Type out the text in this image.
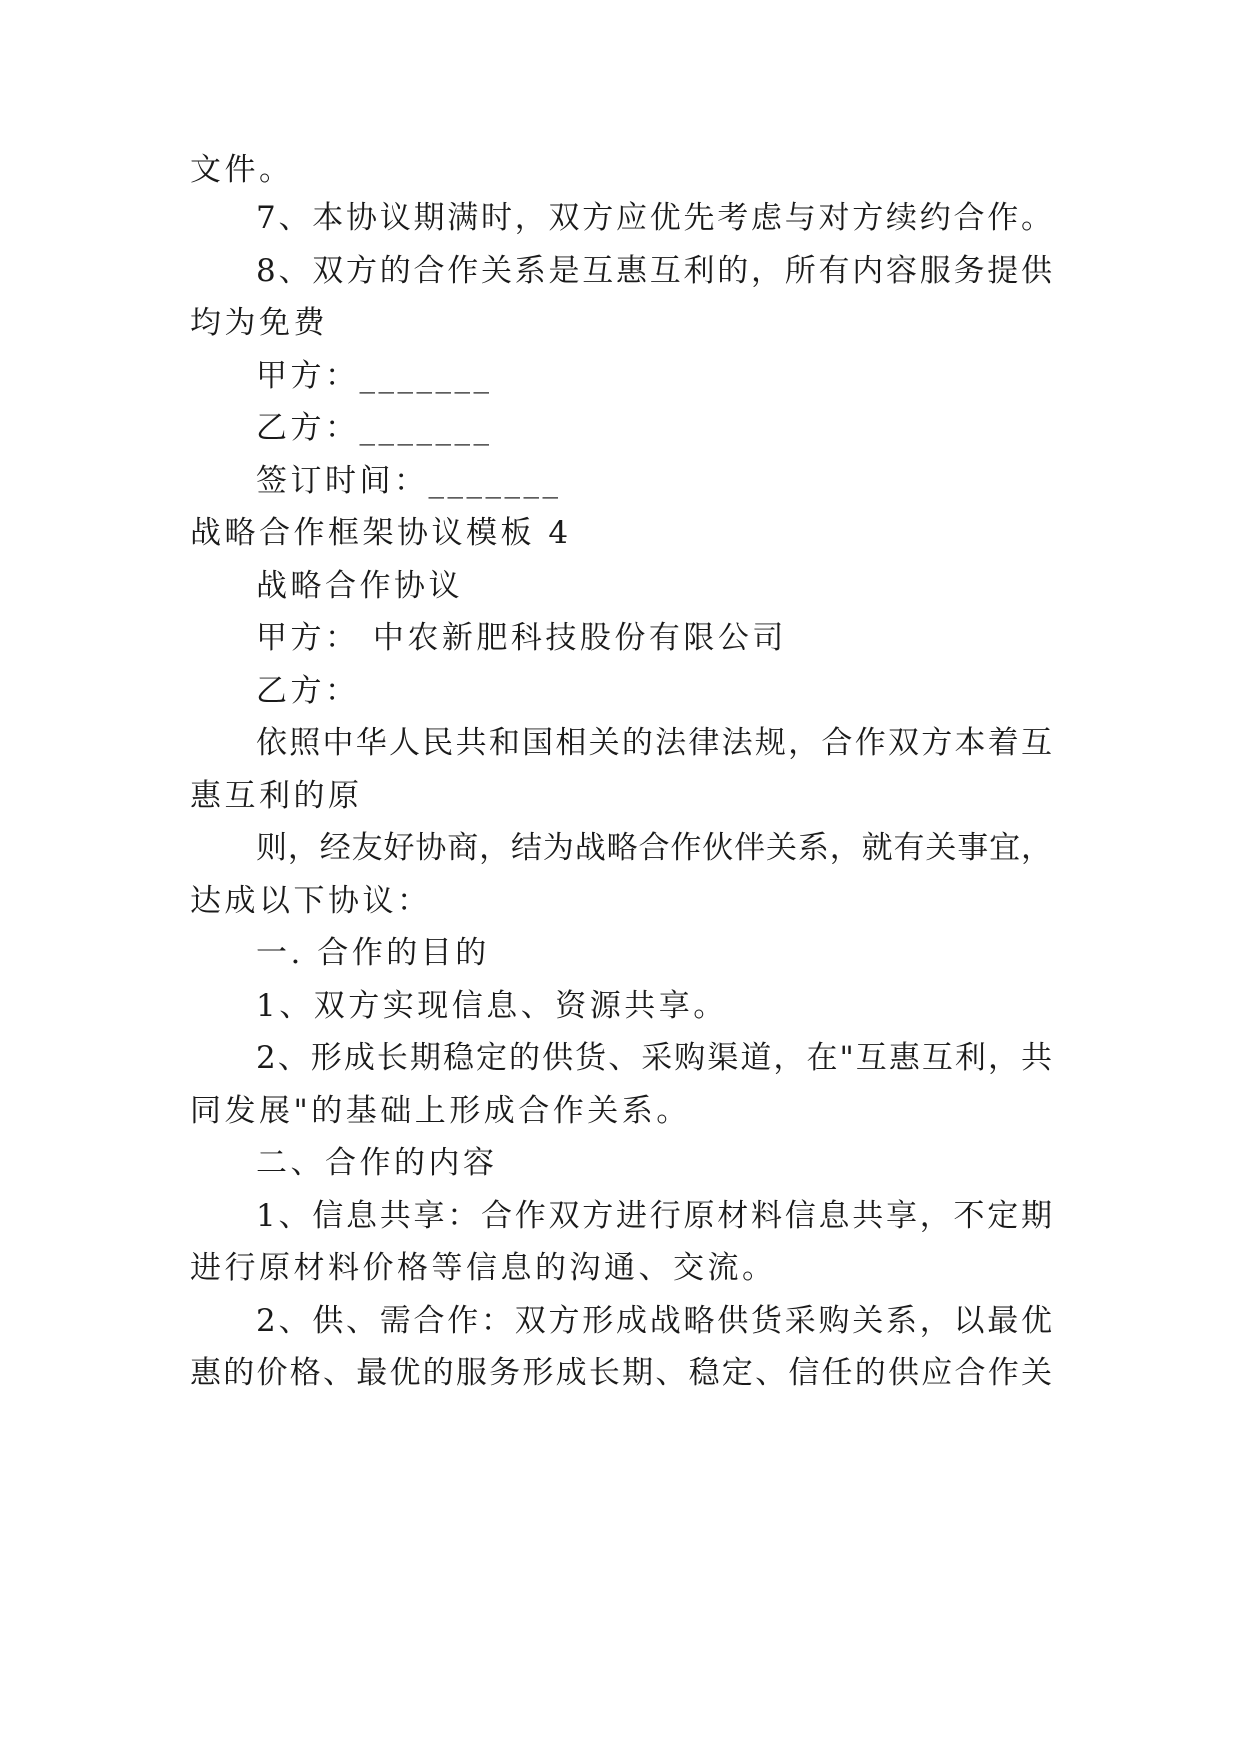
文件。
7、本协议期满时，双方应优先考虑与对方续约合作。
8、双方的合作关系是互惠互利的，所有内容服务提供
均为免费
甲方：_______
乙方：_______
签订时间：_______
战略合作框架协议模板 4
战略合作协议
甲方： 中农新肥科技股份有限公司
乙方：
依照中华人民共和国相关的法律法规，合作双方本着互
惠互利的原
则，经友好协商，结为战略合作伙伴关系，就有关事宜，
达成以下协议：
一. 合作的目的
1、双方实现信息、资源共享。
2、形成长期稳定的供货、采购渠道，在"互惠互利，共
同发展"的基础上形成合作关系。
二、合作的内容
1、信息共享：合作双方进行原材料信息共享，不定期
进行原材料价格等信息的沟通、交流。
2、供、需合作：双方形成战略供货采购关系，以最优
惠的价格、最优的服务形成长期、稳定、信任的供应合作关
